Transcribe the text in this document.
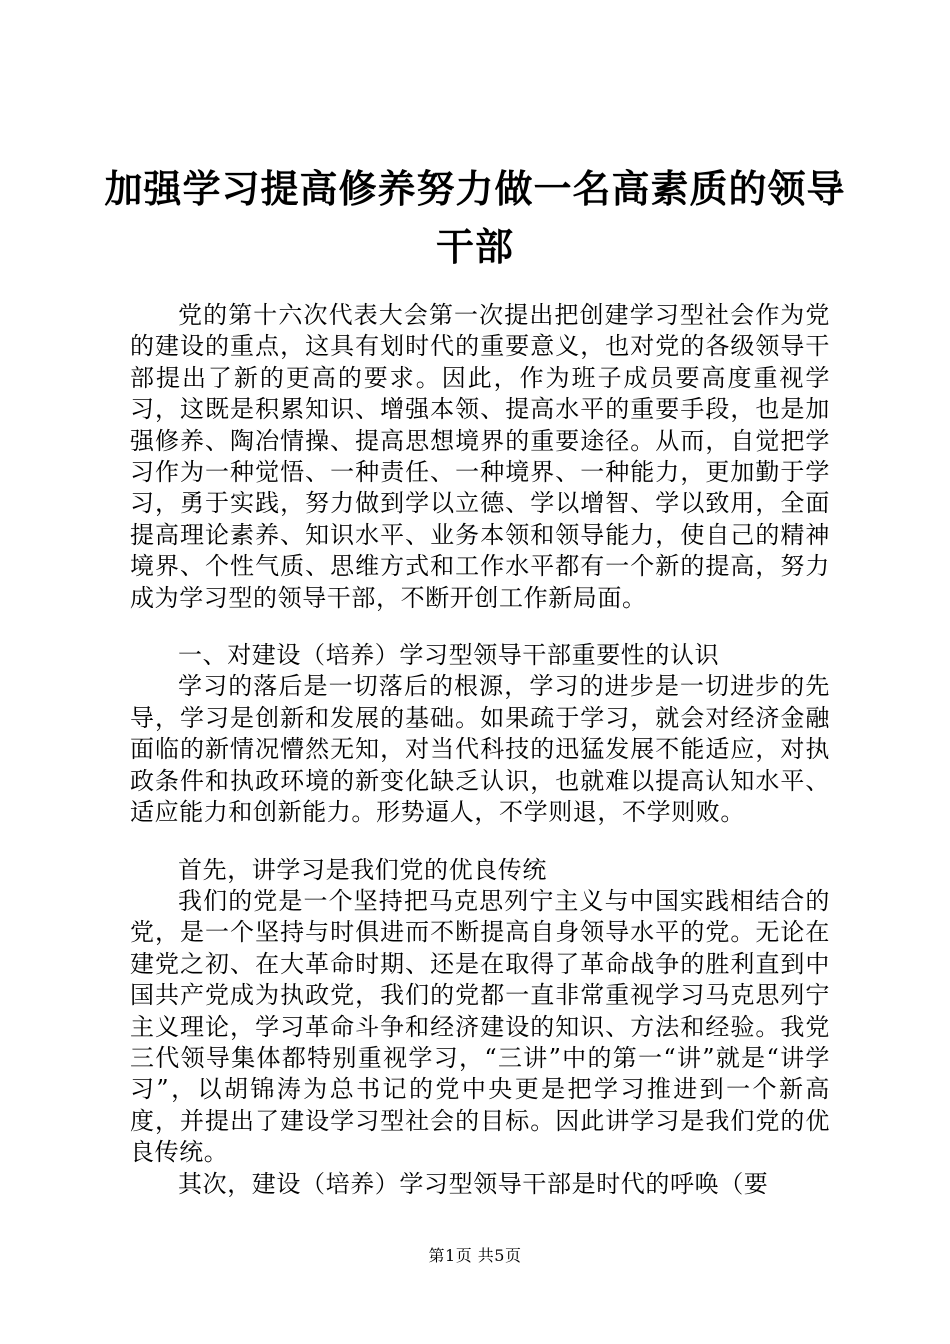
加强学习提高修养努力做一名高素质的领导干部

党的第十六次代表大会第一次提出把创建学习型社会作为党的建设的重点，这具有划时代的重要意义，也对党的各级领导干部提出了新的更高的要求。因此，作为班子成员要高度重视学习，这既是积累知识、增强本领、提高水平的重要手段，也是加强修养、陶冶情操、提高思想境界的重要途径。从而，自觉把学习作为一种觉悟、一种责任、一种境界、一种能力，更加勤于学习，勇于实践，努力做到学以立德、学以增智、学以致用，全面提高理论素养、知识水平、业务本领和领导能力，使自己的精神境界、个性气质、思维方式和工作水平都有一个新的提高，努力成为学习型的领导干部，不断开创工作新局面。

一、对建设（培养）学习型领导干部重要性的认识

学习的落后是一切落后的根源，学习的进步是一切进步的先导，学习是创新和发展的基础。如果疏于学习，就会对经济金融面临的新情况懵然无知，对当代科技的迅猛发展不能适应，对执政条件和执政环境的新变化缺乏认识，也就难以提高认知水平、适应能力和创新能力。形势逼人，不学则退，不学则败。

首先，讲学习是我们党的优良传统

我们的党是一个坚持把马克思列宁主义与中国实践相结合的党，是一个坚持与时俱进而不断提高自身领导水平的党。无论在建党之初、在大革命时期、还是在取得了革命战争的胜利直到中国共产党成为执政党，我们的党都一直非常重视学习马克思列宁主义理论，学习革命斗争和经济建设的知识、方法和经验。我党三代领导集体都特别重视学习，“三讲”中的第一“讲”就是“讲学习”，以胡锦涛为总书记的党中央更是把学习推进到一个新高度，并提出了建设学习型社会的目标。因此讲学习是我们党的优良传统。

其次，建设（培养）学习型领导干部是时代的呼唤（要

第1页 共5页
